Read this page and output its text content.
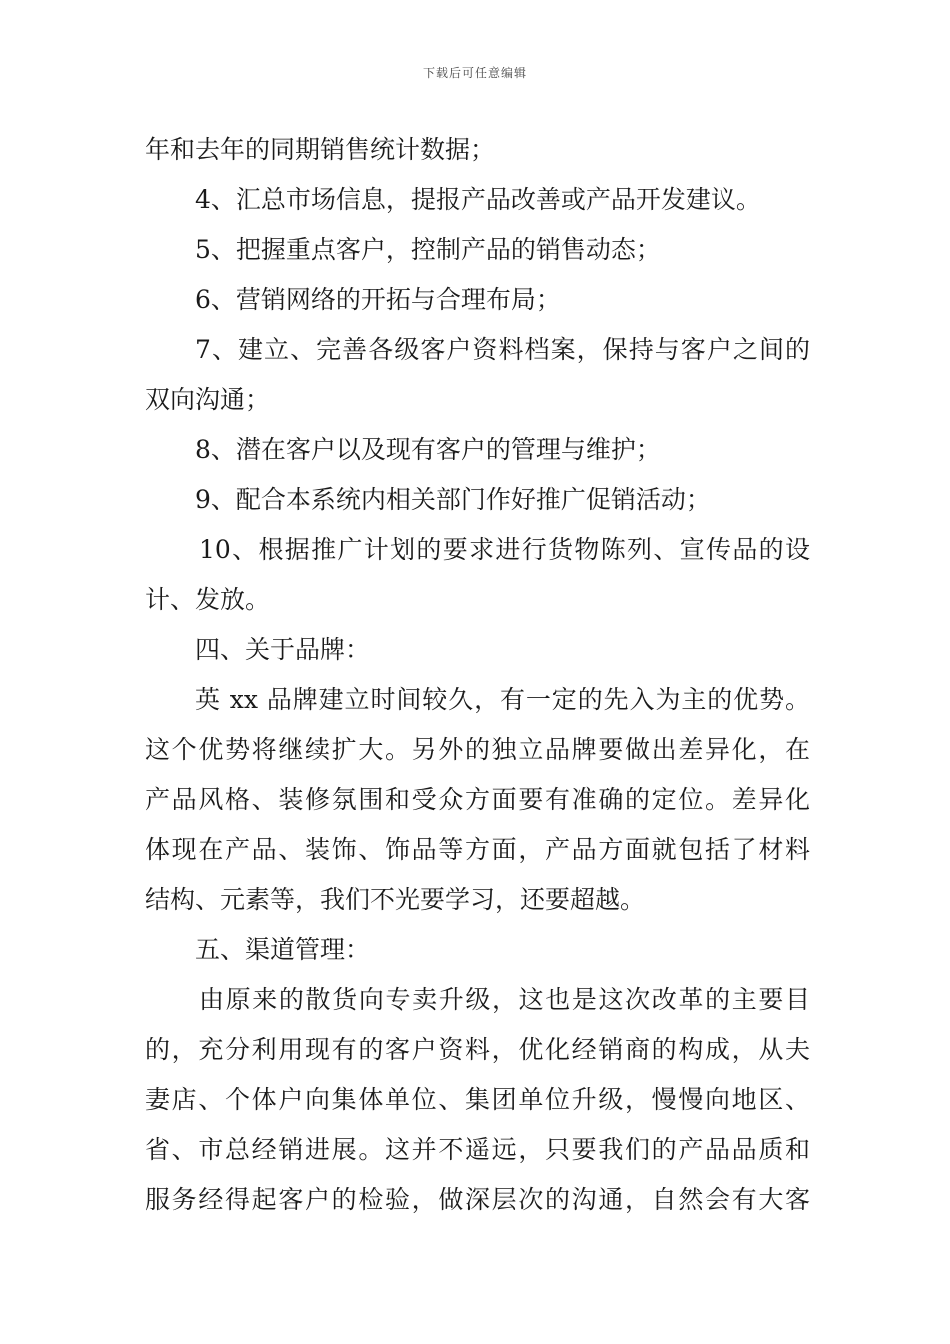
下载后可任意编辑
年和去年的同期销售统计数据；
4、汇总市场信息，提报产品改善或产品开发建议。
5、把握重点客户，控制产品的销售动态；
6、营销网络的开拓与合理布局；
7、建立、完善各级客户资料档案，保持与客户之间的
双向沟通；
8、潜在客户以及现有客户的管理与维护；
9、配合本系统内相关部门作好推广促销活动；
10、根据推广计划的要求进行货物陈列、宣传品的设
计、发放。
四、关于品牌：
英 xx 品牌建立时间较久，有一定的先入为主的优势。
这个优势将继续扩大。另外的独立品牌要做出差异化，在
产品风格、装修氛围和受众方面要有准确的定位。差异化
体现在产品、装饰、饰品等方面，产品方面就包括了材料
结构、元素等，我们不光要学习，还要超越。
五、渠道管理：
由原来的散货向专卖升级，这也是这次改革的主要目
的，充分利用现有的客户资料，优化经销商的构成，从夫
妻店、个体户向集体单位、集团单位升级，慢慢向地区、
省、市总经销进展。这并不遥远，只要我们的产品品质和
服务经得起客户的检验，做深层次的沟通，自然会有大客
